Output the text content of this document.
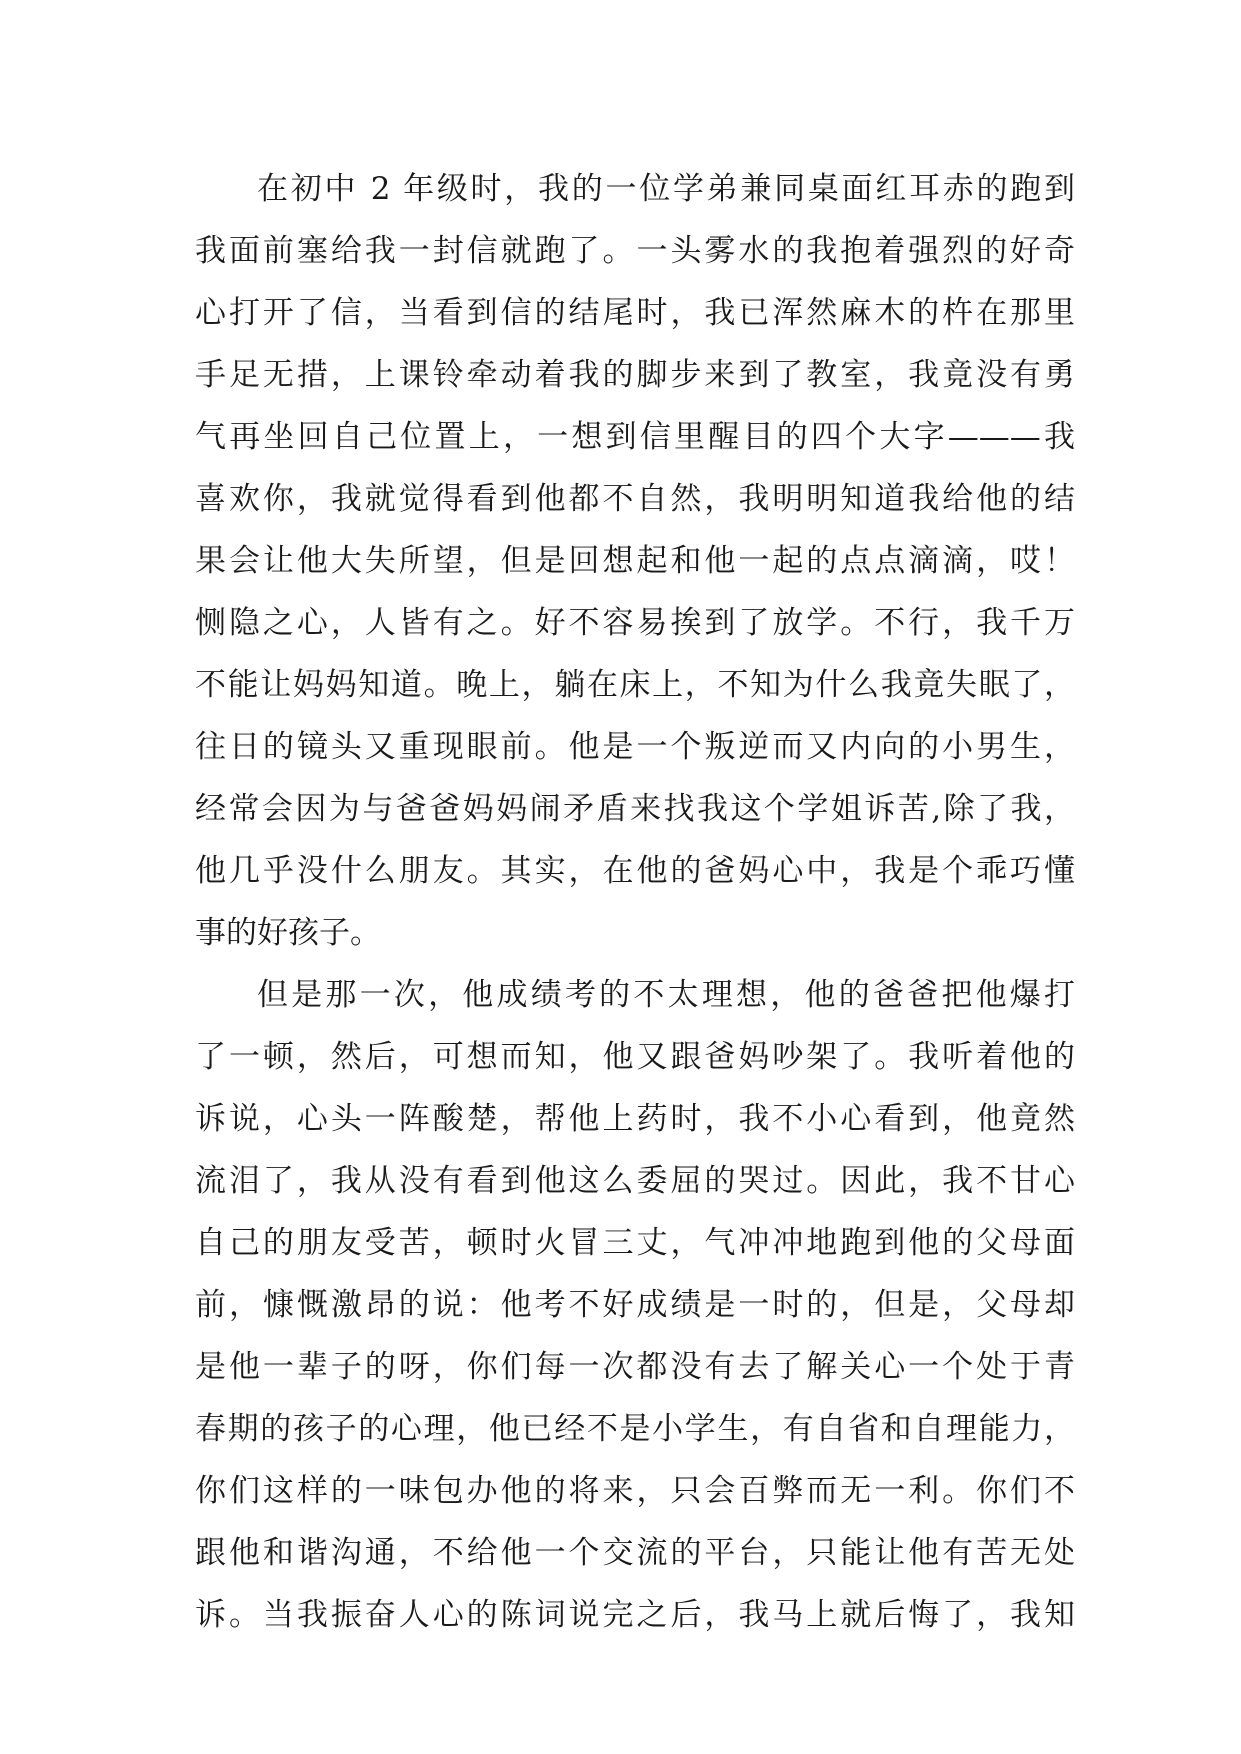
在初中 2 年级时，我的一位学弟兼同桌面红耳赤的跑到
我面前塞给我一封信就跑了。一头雾水的我抱着强烈的好奇
心打开了信，当看到信的结尾时，我已浑然麻木的杵在那里
手足无措，上课铃牵动着我的脚步来到了教室，我竟没有勇
气再坐回自己位置上，一想到信里醒目的四个大字———我
喜欢你，我就觉得看到他都不自然，我明明知道我给他的结
果会让他大失所望，但是回想起和他一起的点点滴滴，哎！
恻隐之心，人皆有之。好不容易挨到了放学。不行，我千万
不能让妈妈知道。晚上，躺在床上，不知为什么我竟失眠了，
往日的镜头又重现眼前。他是一个叛逆而又内向的小男生，
经常会因为与爸爸妈妈闹矛盾来找我这个学姐诉苦,除了我，
他几乎没什么朋友。其实，在他的爸妈心中，我是个乖巧懂
事的好孩子。
但是那一次，他成绩考的不太理想，他的爸爸把他爆打
了一顿，然后，可想而知，他又跟爸妈吵架了。我听着他的
诉说，心头一阵酸楚，帮他上药时，我不小心看到，他竟然
流泪了，我从没有看到他这么委屈的哭过。因此，我不甘心
自己的朋友受苦，顿时火冒三丈，气冲冲地跑到他的父母面
前，慷慨激昂的说：他考不好成绩是一时的，但是，父母却
是他一辈子的呀，你们每一次都没有去了解关心一个处于青
春期的孩子的心理，他已经不是小学生，有自省和自理能力，
你们这样的一味包办他的将来，只会百弊而无一利。你们不
跟他和谐沟通，不给他一个交流的平台，只能让他有苦无处
诉。当我振奋人心的陈词说完之后，我马上就后悔了，我知
